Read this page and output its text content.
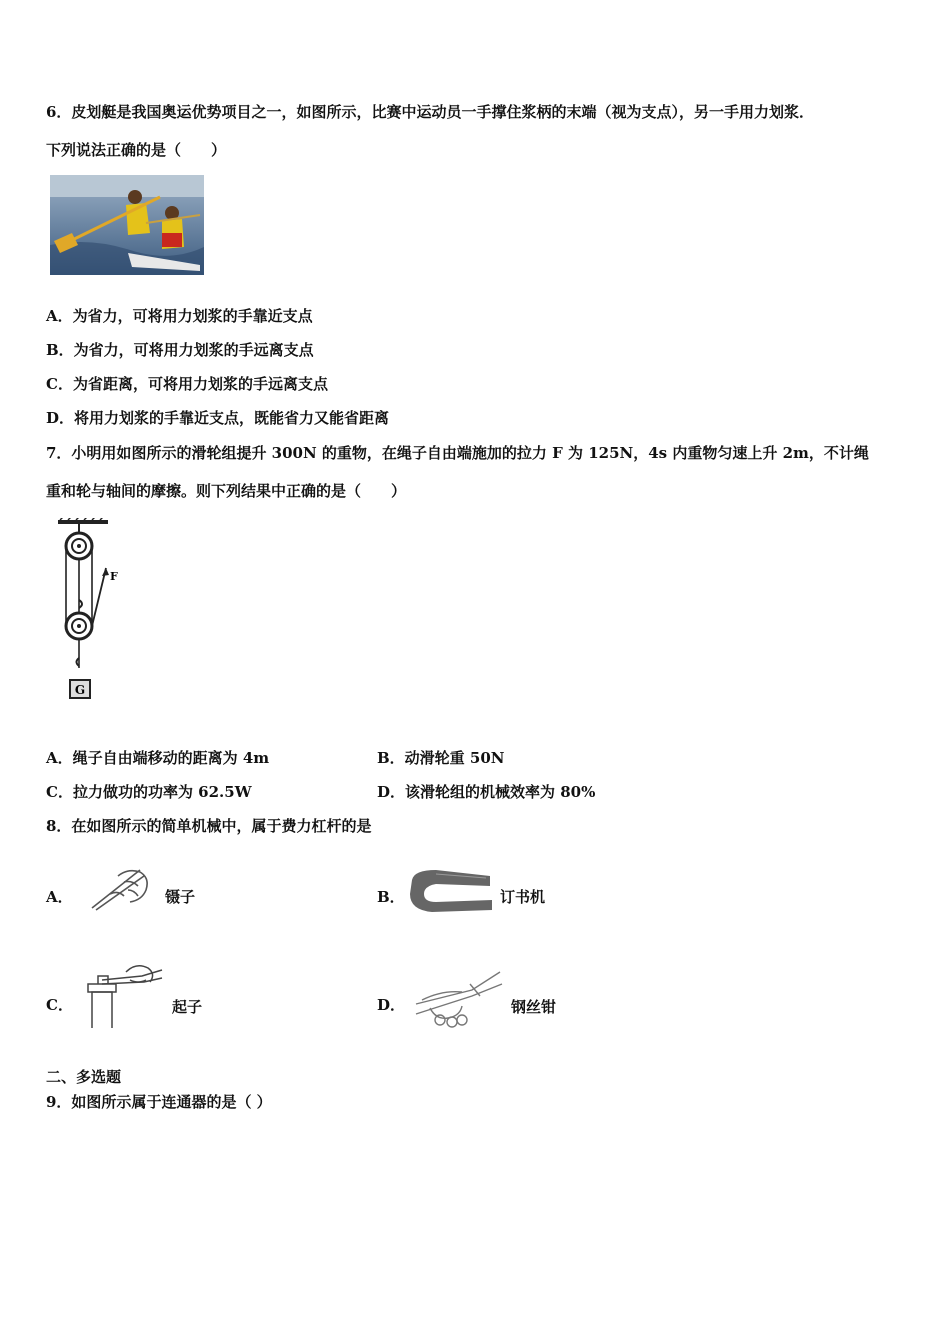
6．皮划艇是我国奥运优势项目之一，如图所示，比赛中运动员一手撑住浆柄的末端（视为支点），另一手用力划浆．
下列说法正确的是（　　）
A．为省力，可将用力划浆的手靠近支点
B．为省力，可将用力划浆的手远离支点
C．为省距离，可将用力划浆的手远离支点
D．将用力划浆的手靠近支点，既能省力又能省距离
7．小明用如图所示的滑轮组提升 300N 的重物，在绳子自由端施加的拉力 F 为 125N，4s 内重物匀速上升 2m，不计绳
重和轮与轴间的摩擦。则下列结果中正确的是（　　）
F
G
A．绳子自由端移动的距离为 4m	B．动滑轮重 50N
C．拉力做功的功率为 62.5W	D．该滑轮组的机械效率为 80%
8．在如图所示的简单机械中，属于费力杠杆的是
A．	镊子	B．	订书机
C．	起子	D．	钢丝钳
二、多选题
9．如图所示属于连通器的是（ ）
